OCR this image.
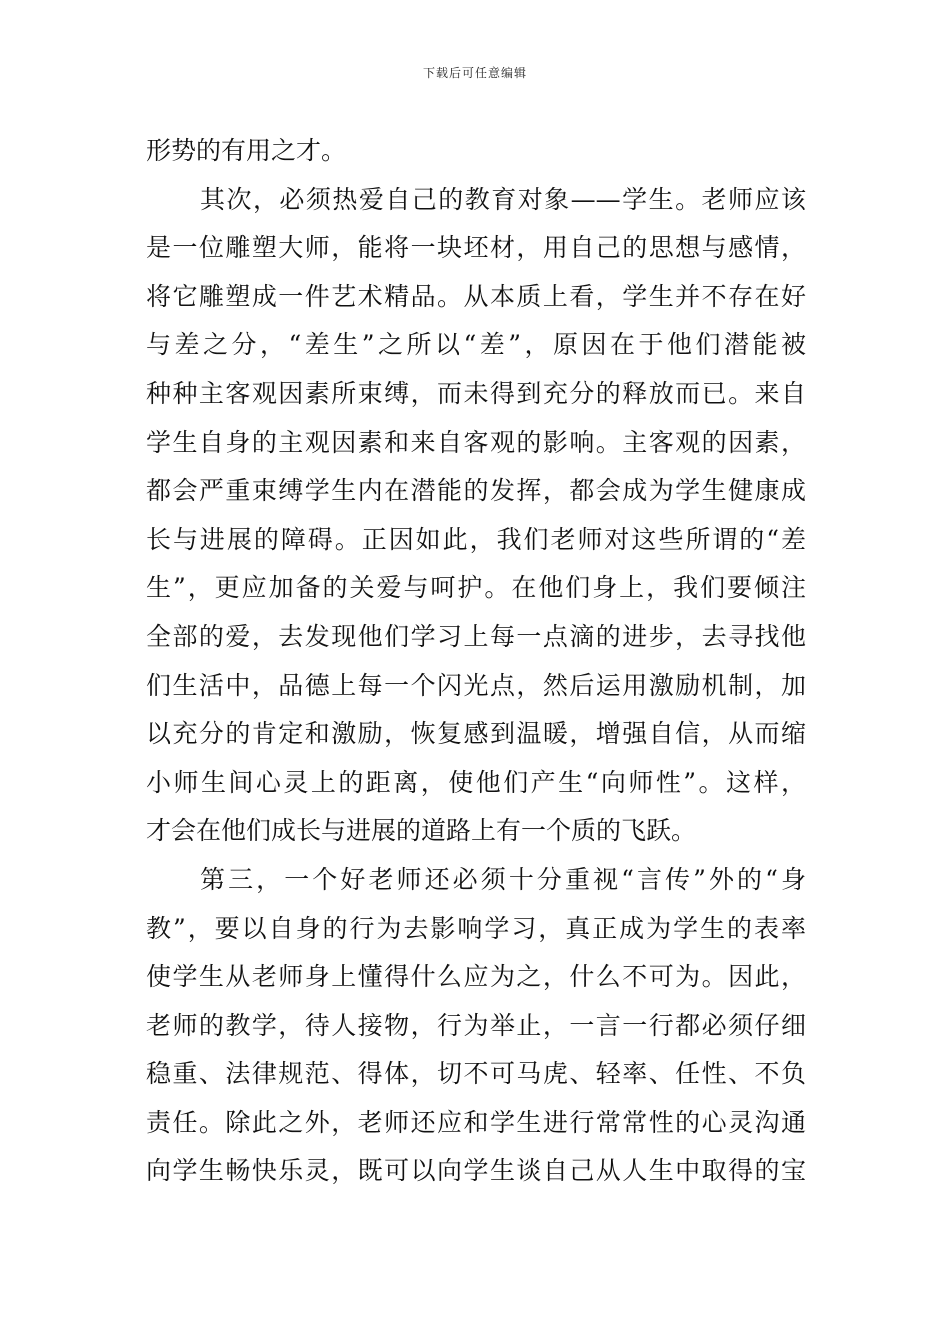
下载后可任意编辑
形势的有用之才。
其次，必须热爱自己的教育对象——学生。老师应该
是一位雕塑大师，能将一块坯材，用自己的思想与感情，
将它雕塑成一件艺术精品。从本质上看，学生并不存在好
与差之分，“差生”之所以“差”，原因在于他们潜能被
种种主客观因素所束缚，而未得到充分的释放而已。来自
学生自身的主观因素和来自客观的影响。主客观的因素，
都会严重束缚学生内在潜能的发挥，都会成为学生健康成
长与进展的障碍。正因如此，我们老师对这些所谓的“差
生”，更应加备的关爱与呵护。在他们身上，我们要倾注
全部的爱，去发现他们学习上每一点滴的进步，去寻找他
们生活中，品德上每一个闪光点，然后运用激励机制，加
以充分的肯定和激励，恢复感到温暖，增强自信，从而缩
小师生间心灵上的距离，使他们产生“向师性”。这样，
才会在他们成长与进展的道路上有一个质的飞跃。
第三，一个好老师还必须十分重视“言传”外的“身
教”，要以自身的行为去影响学习，真正成为学生的表率
使学生从老师身上懂得什么应为之，什么不可为。因此，
老师的教学，待人接物，行为举止，一言一行都必须仔细
稳重、法律规范、得体，切不可马虎、轻率、任性、不负
责任。除此之外，老师还应和学生进行常常性的心灵沟通
向学生畅快乐灵，既可以向学生谈自己从人生中取得的宝
